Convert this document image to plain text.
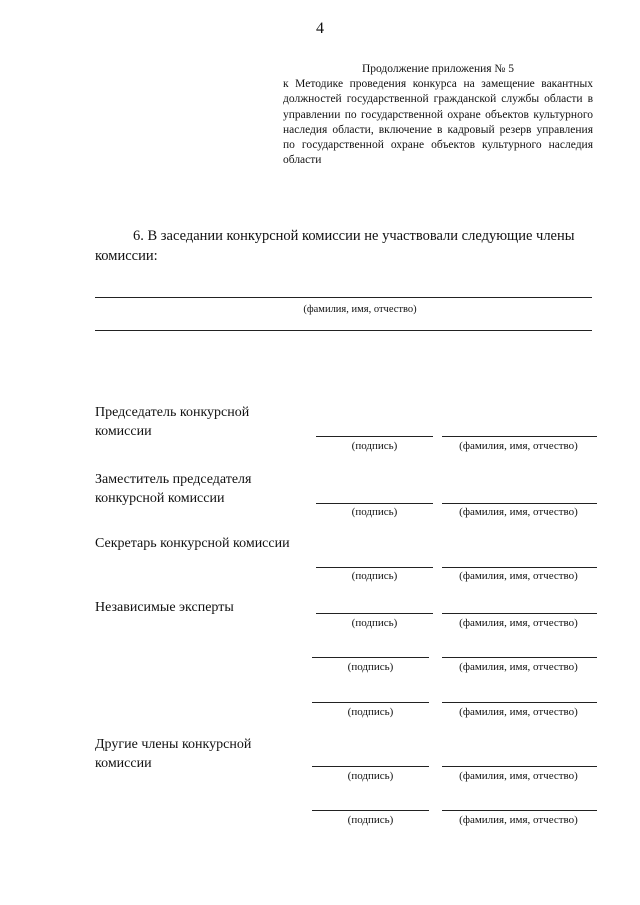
4
Продолжение приложения № 5
к Методике проведения конкурса на замещение вакантных должностей государственной гражданской службы области в управлении по государственной охране объектов культурного наследия области, включение в кадровый резерв управления по государственной охране объектов культурного наследия области
6. В заседании конкурсной комиссии не участвовали следующие члены комиссии:
(фамилия, имя, отчество)
Председатель конкурсной комиссии
(подпись)	(фамилия, имя, отчество)
Заместитель председателя конкурсной комиссии
(подпись)	(фамилия, имя, отчество)
Секретарь конкурсной комиссии
(подпись)	(фамилия, имя, отчество)
Независимые эксперты
(подпись)	(фамилия, имя, отчество)
(подпись)	(фамилия, имя, отчество)
(подпись)	(фамилия, имя, отчество)
Другие члены конкурсной комиссии
(подпись)	(фамилия, имя, отчество)
(подпись)	(фамилия, имя, отчество)
